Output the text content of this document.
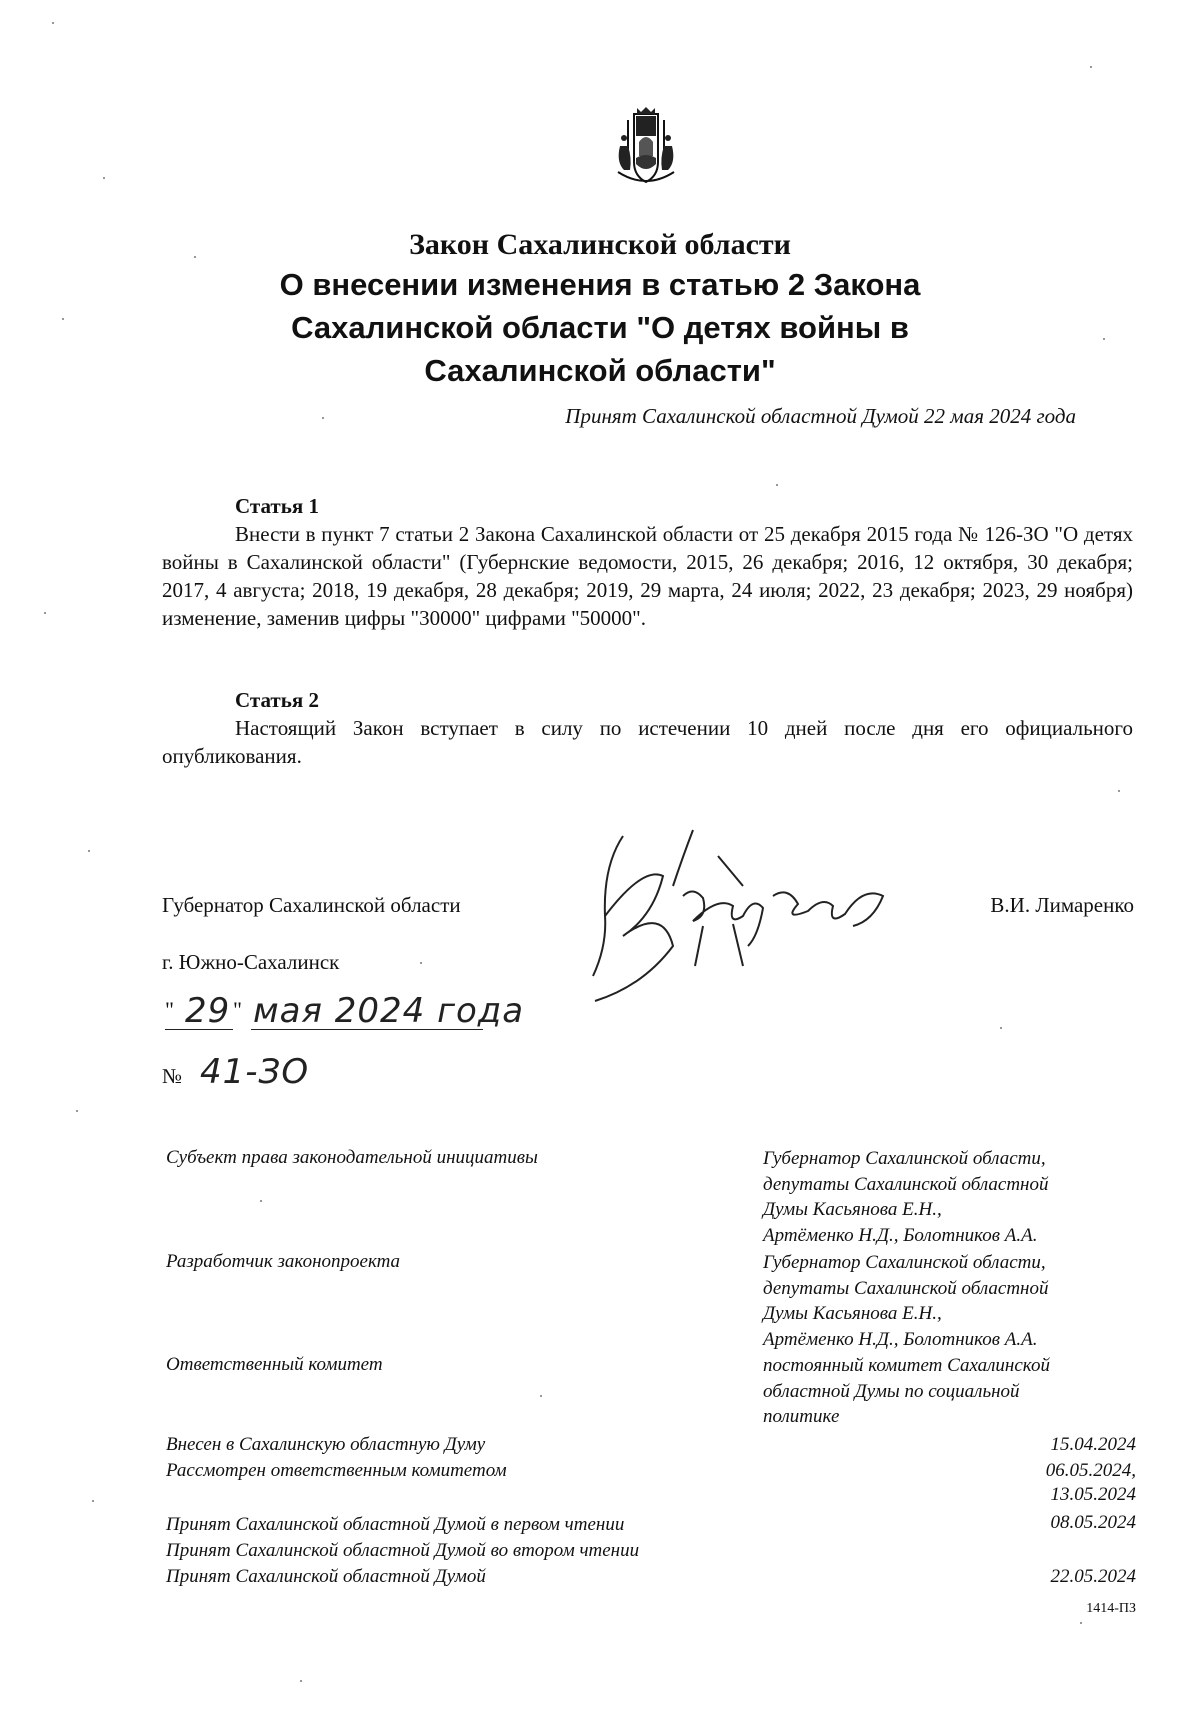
Закон Сахалинской области
О внесении изменения в статью 2 Закона
Сахалинской области "О детях войны в
Сахалинской области"
Принят Сахалинской областной Думой 22 мая 2024 года
Статья 1
Внести в пункт 7 статьи 2 Закона Сахалинской области от 25 декабря 2015 года № 126-ЗО "О детях войны в Сахалинской области" (Губернские ведомости, 2015, 26 декабря; 2016, 12 октября, 30 декабря; 2017, 4 августа; 2018, 19 декабря, 28 декабря; 2019, 29 марта, 24 июля; 2022, 23 декабря; 2023, 29 ноября) изменение, заменив цифры "30000" цифрами "50000".
Статья 2
Настоящий Закон вступает в силу по истечении 10 дней после дня его официального опубликования.
Губернатор Сахалинской области	В.И. Лимаренко
г. Южно-Сахалинск
" 29 " мая 2024 года
№ 41-ЗО
Субъект права законодательной инициативы	Губернатор Сахалинской области,
депутаты Сахалинской областной
Думы Касьянова Е.Н.,
Артёменко Н.Д., Болотников А.А.
Разработчик законопроекта	Губернатор Сахалинской области,
депутаты Сахалинской областной
Думы Касьянова Е.Н.,
Артёменко Н.Д., Болотников А.А.
Ответственный комитет	постоянный комитет Сахалинской
областной Думы по социальной
политике
Внесен в Сахалинскую областную Думу	15.04.2024
Рассмотрен ответственным комитетом	06.05.2024,
13.05.2024
Принят Сахалинской областной Думой в первом чтении	08.05.2024
Принят Сахалинской областной Думой во втором чтении
Принят Сахалинской областной Думой	22.05.2024
1414-ПЗ
